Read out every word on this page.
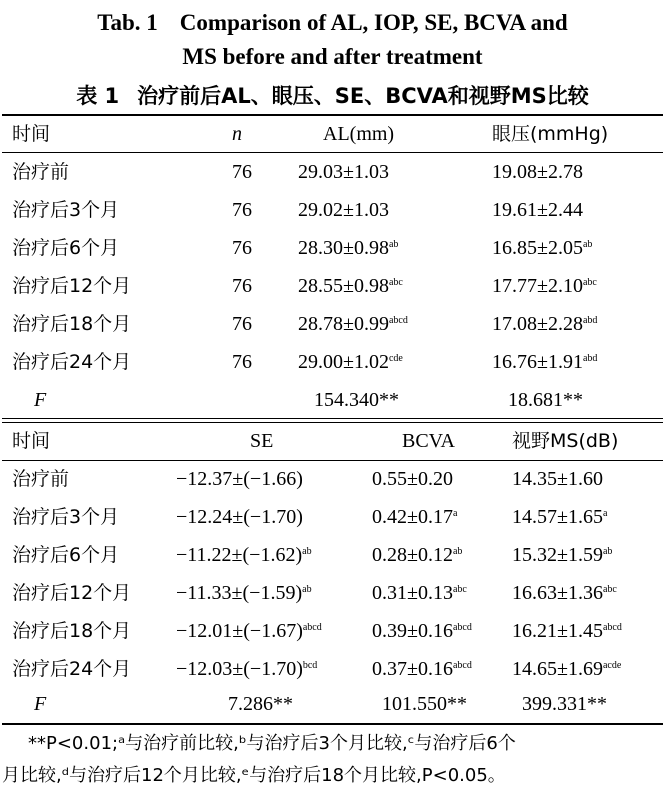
Tab. 1 Comparison of AL, IOP, SE, BCVA and
MS before and after treatment
表 1 治疗前后AL、眼压、SE、BCVA和视野MS比较
时间	n	AL(mm)	眼压(mmHg)
治疗前	76 29.03±1.03	19.08±2.78
治疗后3个月	76 29.02±1.03	19.61±2.44
治疗后6个月	76 28.30±0.98$^{ab}$	16.85±2.05$^{ab}$
治疗后12个月	76 28.55±0.98$^{abc}$	17.77±2.10$^{abc}$
治疗后18个月	76 $28.78\pm 0.99^{abcd}$	17.08±2.28$^{abd}$
治疗后24个月	76 29.00±1.02$^{cde}$	16.76±1.91$^{abd}$
F	154.340**	18.681**
时间	SE	BCVA	视野MS(dB)
治疗前	−12.37±(−1.66)	0.55±0.20	14.35±1.60
治疗后3个月	−12.24±(−1.70)	0.42±0.17$^a$	14.57±1.65$^a$
治疗后6个月	$-11.22\pm(-1.62)^{ab}$	0.28±0.12$^{ab}$ 15.32±1.59$^{ab}$
治疗后12个月 $-11.33\pm(-1.59)^{ab}$	0.31±0.13$^{abc}$ 16.63±1.36$^{abc}$
治疗后18个月 $-12.01\pm(-1.67)^{abcd}$	$0.39\pm 0.16^{abcd}$ $16.21\pm 1.45^{abcd}$
治疗后24个月 $-12.03\pm(-1.70)^{bcd}$	$0.37\pm 0.16^{abcd}$ $14.65\pm 1.69^{acde}$
F	7.286**	101.550**	399.331**
**P<0.01;ᵃ与治疗前比较,ᵇ与治疗后3个月比较,ᶜ与治疗后6个
月比较,ᵈ与治疗后12个月比较,ᵉ与治疗后18个月比较,P<0.05。
